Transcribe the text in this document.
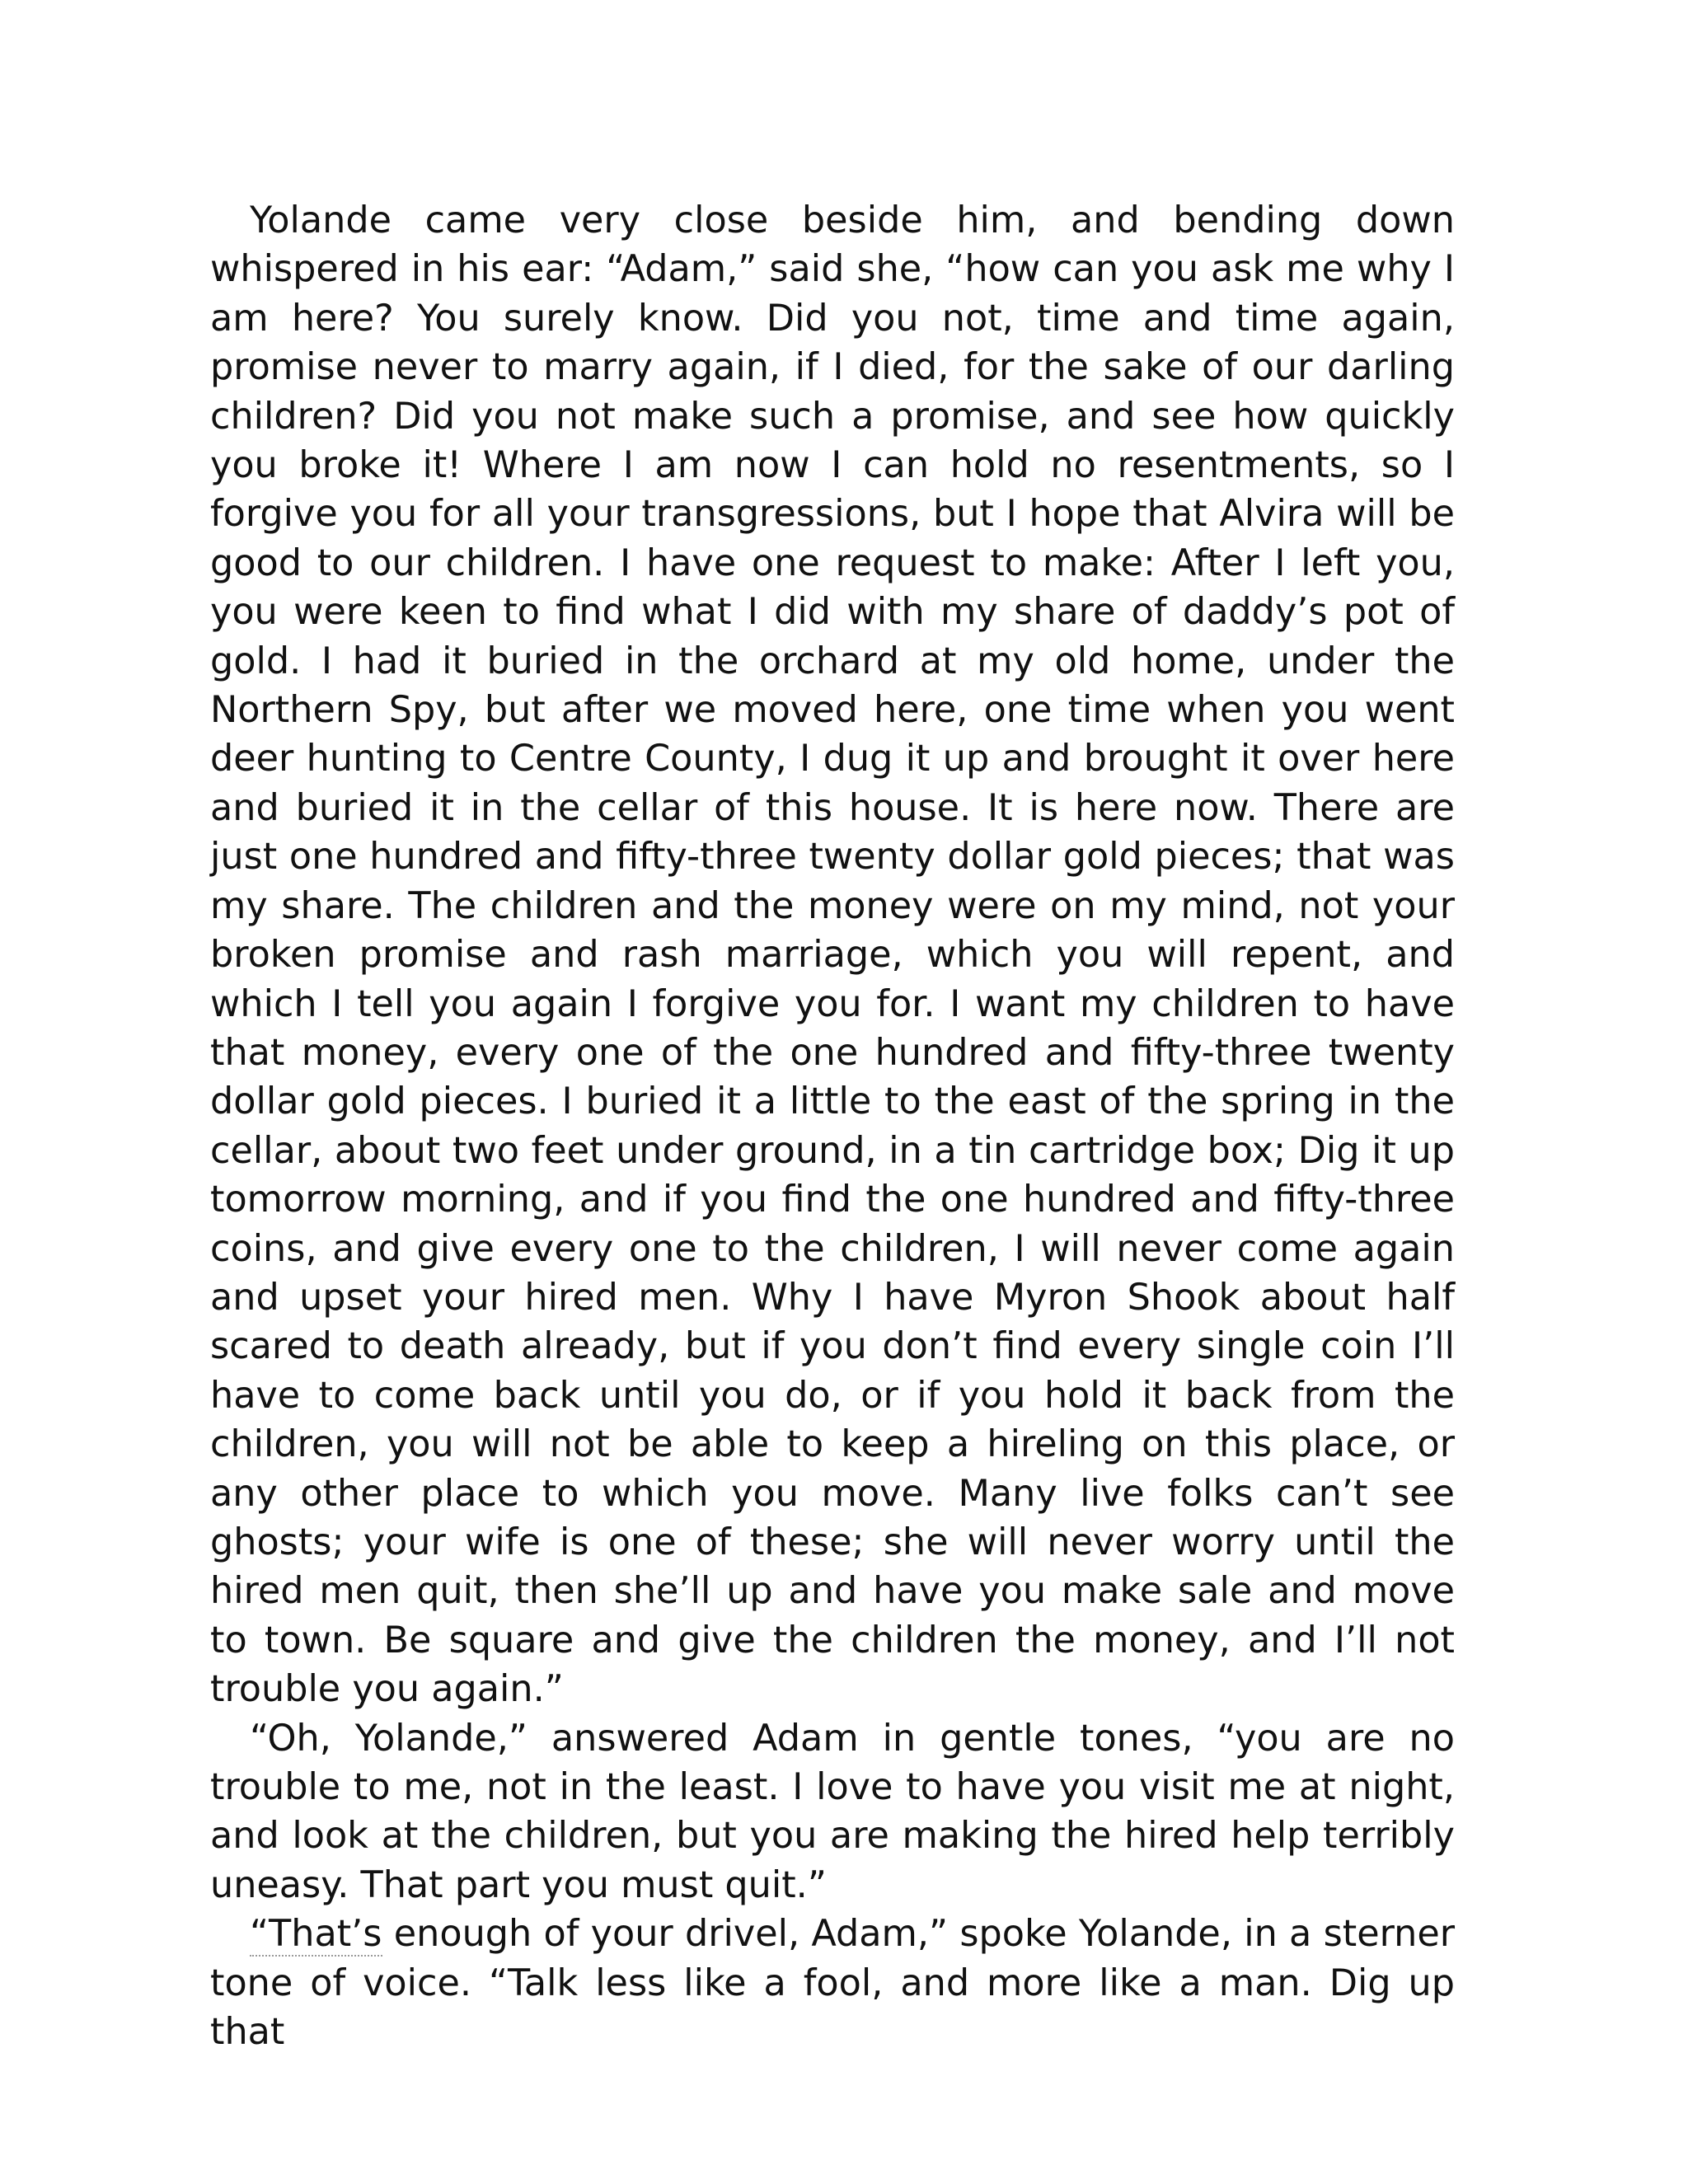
Yolande came very close beside him, and bending down whispered in his ear: “Adam,” said she, “how can you ask me why I am here? You surely know. Did you not, time and time again, promise never to marry again, if I died, for the sake of our darling children? Did you not make such a promise, and see how quickly you broke it! Where I am now I can hold no resentments, so I forgive you for all your transgressions, but I hope that Alvira will be good to our children. I have one request to make: After I left you, you were keen to find what I did with my share of daddy’s pot of gold. I had it buried in the orchard at my old home, under the Northern Spy, but after we moved here, one time when you went deer hunting to Centre County, I dug it up and brought it over here and buried it in the cellar of this house. It is here now. There are just one hundred and fifty-three twenty dollar gold pieces; that was my share. The children and the money were on my mind, not your broken promise and rash marriage, which you will repent, and which I tell you again I forgive you for. I want my children to have that money, every one of the one hundred and fifty-three twenty dollar gold pieces. I buried it a little to the east of the spring in the cellar, about two feet under ground, in a tin cartridge box; Dig it up tomorrow morning, and if you find the one hundred and fifty-three coins, and give every one to the children, I will never come again and upset your hired men. Why I have Myron Shook about half scared to death already, but if you don’t find every single coin I’ll have to come back until you do, or if you hold it back from the children, you will not be able to keep a hireling on this place, or any other place to which you move. Many live folks can’t see ghosts; your wife is one of these; she will never worry until the hired men quit, then she’ll up and have you make sale and move to town. Be square and give the children the money, and I’ll not trouble you again.”

“Oh, Yolande,” answered Adam in gentle tones, “you are no trouble to me, not in the least. I love to have you visit me at night, and look at the children, but you are making the hired help terribly uneasy. That part you must quit.”

“That’s enough of your drivel, Adam,” spoke Yolande, in a sterner tone of voice. “Talk less like a fool, and more like a man. Dig up that
